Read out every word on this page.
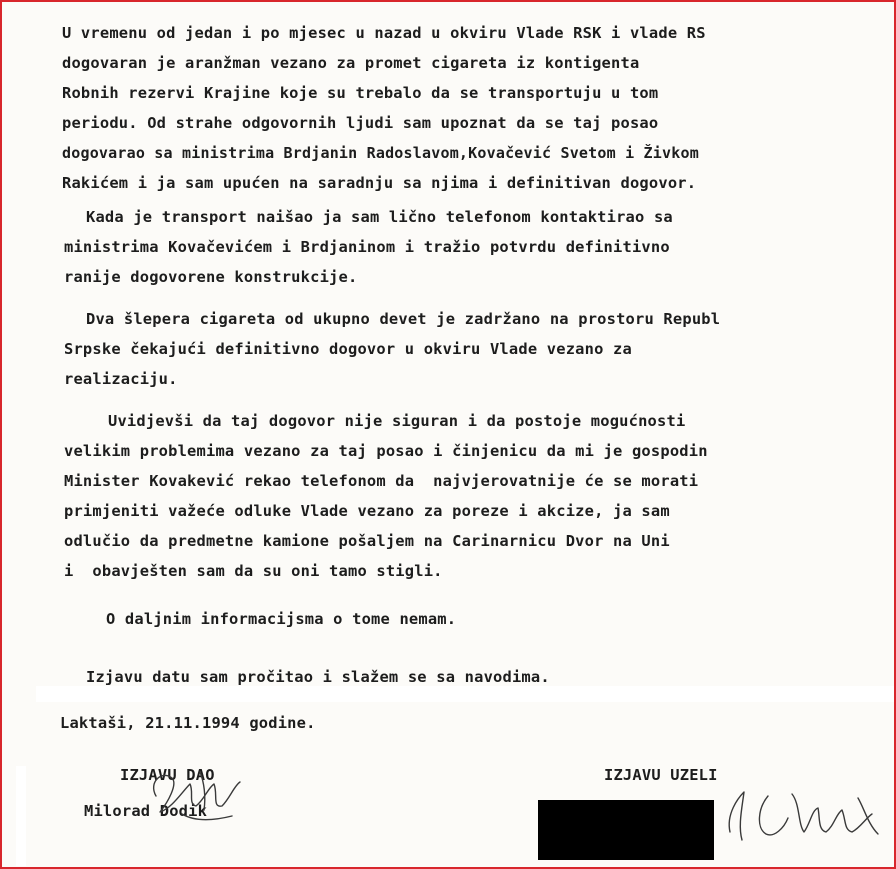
U vremenu od jedan i po mjesec u nazad u okviru Vlade RSK i vlade RS

dogovaran je aranžman vezano za promet cigareta iz kontigenta

Robnih rezervi Krajine koje su trebalo da se transportuju u tom

periodu. Od strahe odgovornih ljudi sam upoznat da se taj posao

dogovarao sa ministrima Brdjanin Radoslavom,Kovačević Svetom i Živkom

Rakićem i ja sam upućen na saradnju sa njima i definitivan dogovor.

Kada je transport naišao ja sam lično telefonom kontaktirao sa

ministrima Kovačevićem i Brdjaninom i tražio potvrdu definitivno

ranije dogovorene konstrukcije.

Dva šlepera cigareta od ukupno devet je zadržano na prostoru Republ

Srpske čekajući definitivno dogovor u okviru Vlade vezano za

realizaciju.

Uvidjevši da taj dogovor nije siguran i da postoje mogućnosti

velikim problemima vezano za taj posao i činjenicu da mi je gospodin

Minister Kovakević rekao telefonom da  najvjerovatnije će se morati

primjeniti važeće odluke Vlade vezano za poreze i akcize, ja sam

odlučio da predmetne kamione pošaljem na Carinarnicu Dvor na Uni

i  obavješten sam da su oni tamo stigli.

O daljnim informacijsma o tome nemam.

Izjavu datu sam pročitao i slažem se sa navodima.

Laktaši, 21.11.1994 godine.

IZJAVU DAO

Milorad Dodik

IZJAVU UZELI
